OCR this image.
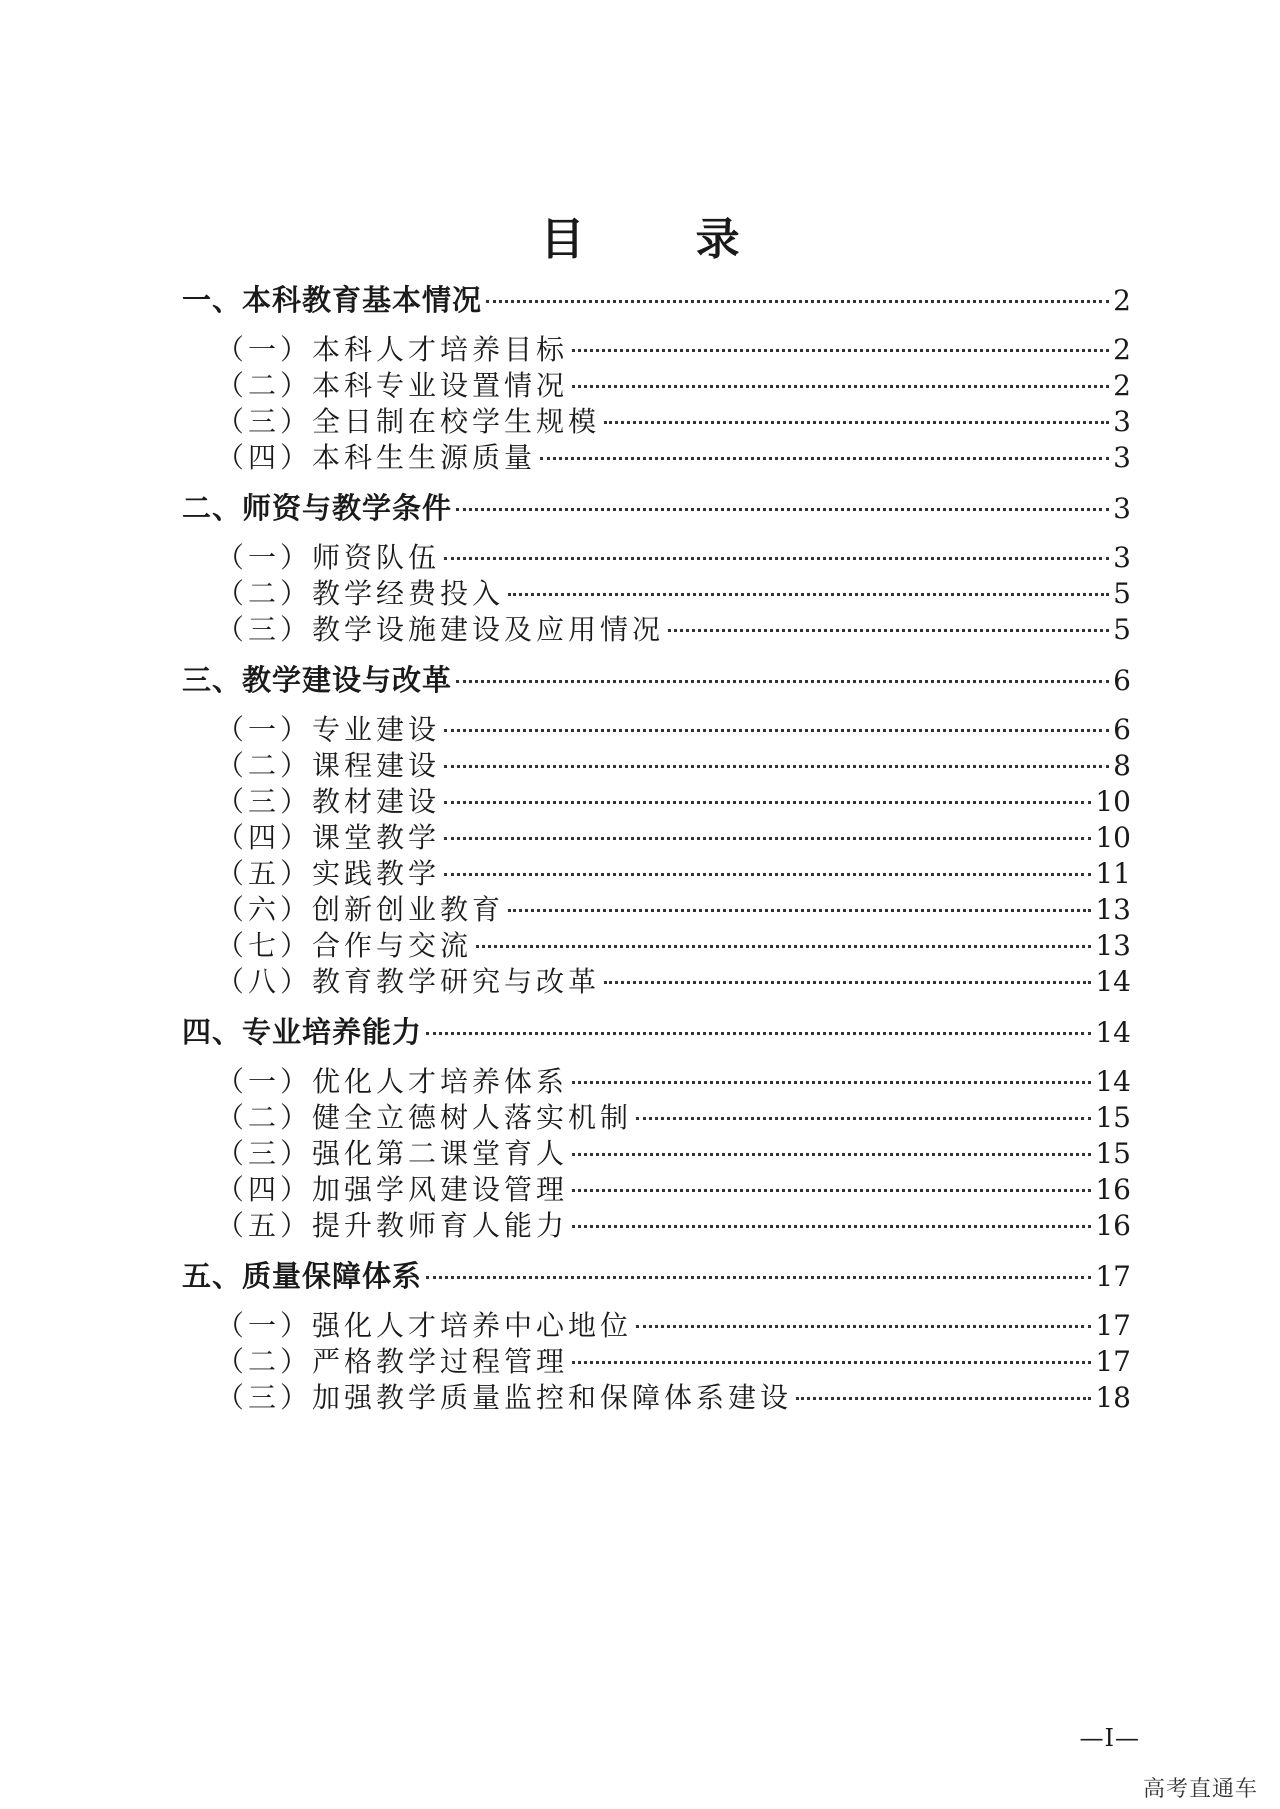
目 录
一、本科教育基本情况	2
（一）本科人才培养目标	2
（二）本科专业设置情况	2
（三）全日制在校学生规模	3
（四）本科生生源质量	3
二、师资与教学条件	3
（一）师资队伍	3
（二）教学经费投入	5
（三）教学设施建设及应用情况	5
三、教学建设与改革	6
（一）专业建设	6
（二）课程建设	8
（三）教材建设	10
（四）课堂教学	10
（五）实践教学	11
（六）创新创业教育	13
（七）合作与交流	13
（八）教育教学研究与改革	14
四、专业培养能力	14
（一）优化人才培养体系	14
（二）健全立德树人落实机制	15
（三）强化第二课堂育人	15
（四）加强学风建设管理	16
（五）提升教师育人能力	16
五、质量保障体系	17
（一）强化人才培养中心地位	17
（二）严格教学过程管理	17
（三）加强教学质量监控和保障体系建设	18
—I—
高考直通车
